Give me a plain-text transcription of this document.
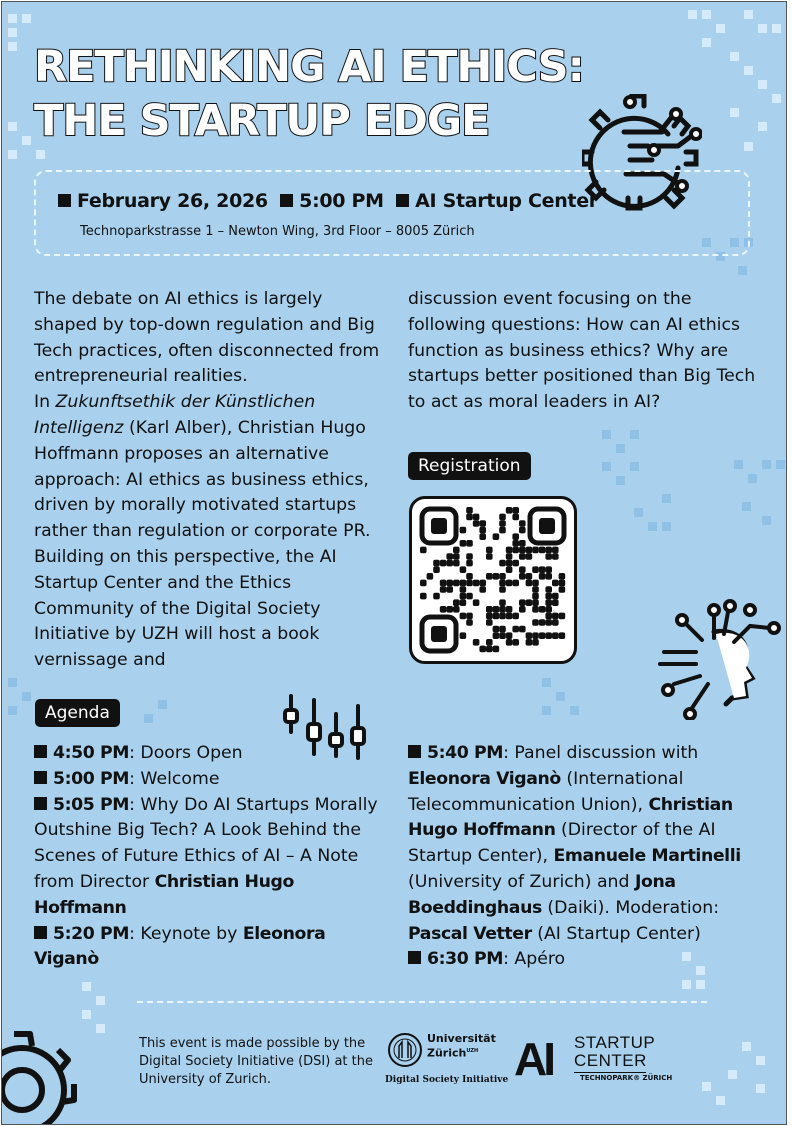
RETHINKING AI ETHICS:
THE STARTUP EDGE
February 26, 2026 5:00 PM AI Startup Center
Technoparkstrasse 1 – Newton Wing, 3rd Floor – 8005 Zürich

The debate on AI ethics is largely shaped by top-down regulation and Big Tech practices, often disconnected from entrepreneurial realities.

In Zukunftsethik der Künstlichen Intelligenz (Karl Alber), Christian Hugo Hoffmann proposes an alternative approach: AI ethics as business ethics, driven by morally motivated startups rather than regulation or corporate PR. Building on this perspective, the AI Startup Center and the Ethics Community of the Digital Society Initiative by UZH will host a book vernissage and

discussion event focusing on the following questions: How can AI ethics function as business ethics? Why are startups better positioned than Big Tech to act as moral leaders in AI?

Registration
Agenda

4:50 PM: Doors Open

5:00 PM: Welcome

5:05 PM: Why Do AI Startups Morally Outshine Big Tech? A Look Behind the Scenes of Future Ethics of AI – A Note from Director Christian Hugo Hoffmann

5:20 PM: Keynote by Eleonora Viganò

5:40 PM: Panel discussion with Eleonora Viganò (International Telecommunication Union), Christian Hugo Hoffmann (Director of the AI Startup Center), Emanuele Martinelli (University of Zurich) and Jona Boeddinghaus (Daiki). Moderation: Pascal Vetter (AI Startup Center)

6:30 PM: Apéro

This event is made possible by the Digital Society Initiative (DSI) at the University of Zurich.
Universität
Zürich$^{UZH}$
Digital Society Initiative AI STARTUP
CENTER
TECHNOPARK® ZÜRICH
